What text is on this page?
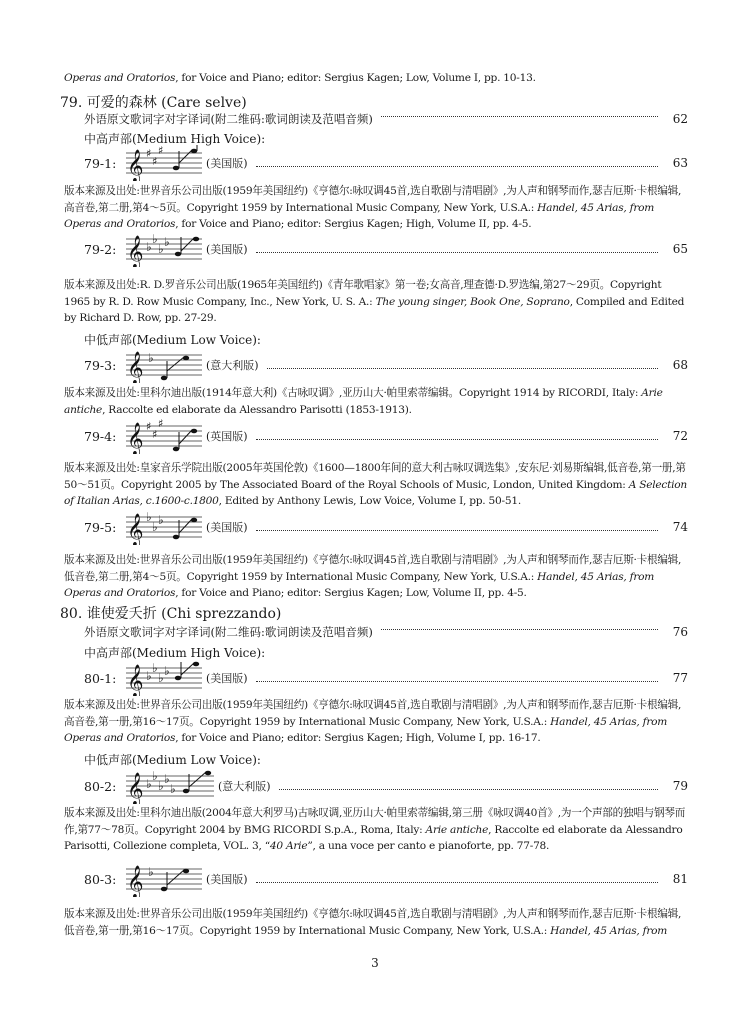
Operas and Oratorios, for Voice and Piano; editor: Sergius Kagen; Low, Volume I, pp. 10-13.
79. 可爱的森林 (Care selve)
外语原文歌词字对字译词(附二维码:歌词朗读及范唱音频)	62
中高声部(Medium High Voice):
79-1: 𝄞 ♯
♯
♯
(美国版)	63
版本来源及出处:世界音乐公司出版(1959年美国纽约)《亨德尔:咏叹调45首,选自歌剧与清唱剧》,为人声和钢琴而作,瑟吉厄斯·卡根编辑,高音卷,第二册,第4～5页。Copyright 1959 by International Music Company, New York, U.S.A.: Handel, 45 Arias, from Operas and Oratorios, for Voice and Piano; editor: Sergius Kagen; High, Volume II, pp. 4-5.
79-2: 𝄞 ♭
♭
♭ ♭
(美国版)	65
版本来源及出处:R. D.罗音乐公司出版(1965年美国纽约)《青年歌唱家》第一卷;女高音,理查德·D.罗选编,第27～29页。Copyright 1965 by R. D. Row Music Company, Inc., New York, U. S. A.: The young singer, Book One, Soprano, Compiled and Edited by Richard D. Row, pp. 27-29.
中低声部(Medium Low Voice):
79-3: 𝄞 ♭
(意大利版)	68
版本来源及出处:里科尔迪出版(1914年意大利)《古咏叹调》,亚历山大·帕里索蒂编辑。Copyright 1914 by RICORDI, Italy: Arie antiche, Raccolte ed elaborate da Alessandro Parisotti (1853-1913).
79-4: 𝄞 ♯
♯
♯
(英国版)	72
版本来源及出处:皇家音乐学院出版(2005年英国伦敦)《1600—1800年间的意大利古咏叹调选集》,安东尼·刘易斯编辑,低音卷,第一册,第50～51页。Copyright 2005 by The Associated Board of the Royal Schools of Music, London, United Kingdom: A Selection of Italian Arias, c.1600-c.1800, Edited by Anthony Lewis, Low Voice, Volume I, pp. 50-51.
79-5: 𝄞 ♭
♭ ♭
(美国版)	74
版本来源及出处:世界音乐公司出版(1959年美国纽约)《亨德尔:咏叹调45首,选自歌剧与清唱剧》,为人声和钢琴而作,瑟吉厄斯·卡根编辑,低音卷,第二册,第4～5页。Copyright 1959 by International Music Company, New York, U.S.A.: Handel, 45 Arias, from Operas and Oratorios, for Voice and Piano; editor: Sergius Kagen; Low, Volume II, pp. 4-5.
80. 谁使爱夭折 (Chi sprezzando)
外语原文歌词字对字译词(附二维码:歌词朗读及范唱音频)	76
中高声部(Medium High Voice):
80-1: 𝄞 ♭
♭
♭ ♭
(美国版)	77
版本来源及出处:世界音乐公司出版(1959年美国纽约)《亨德尔:咏叹调45首,选自歌剧与清唱剧》,为人声和钢琴而作,瑟吉厄斯·卡根编辑,高音卷,第一册,第16～17页。Copyright 1959 by International Music Company, New York, U.S.A.: Handel, 45 Arias, from Operas and Oratorios, for Voice and Piano; editor: Sergius Kagen; High, Volume I, pp. 16-17.
中低声部(Medium Low Voice):
80-2: 𝄞 ♭
♭
♭ ♭
♭	(意大利版)	79
版本来源及出处:里科尔迪出版(2004年意大利罗马)古咏叹调,亚历山大·帕里索蒂编辑,第三册《咏叹调40首》,为一个声部的独唱与钢琴而作,第77～78页。Copyright 2004 by BMG RICORDI S.p.A., Roma, Italy: Arie antiche, Raccolte ed elaborate da Alessandro Parisotti, Collezione completa, VOL. 3, “40 Arie”, a una voce per canto e pianoforte, pp. 77-78.
80-3: 𝄞 ♭
(美国版)	81
版本来源及出处:世界音乐公司出版(1959年美国纽约)《亨德尔:咏叹调45首,选自歌剧与清唱剧》,为人声和钢琴而作,瑟吉厄斯·卡根编辑,低音卷,第一册,第16～17页。Copyright 1959 by International Music Company, New York, U.S.A.: Handel, 45 Arias, from
3
